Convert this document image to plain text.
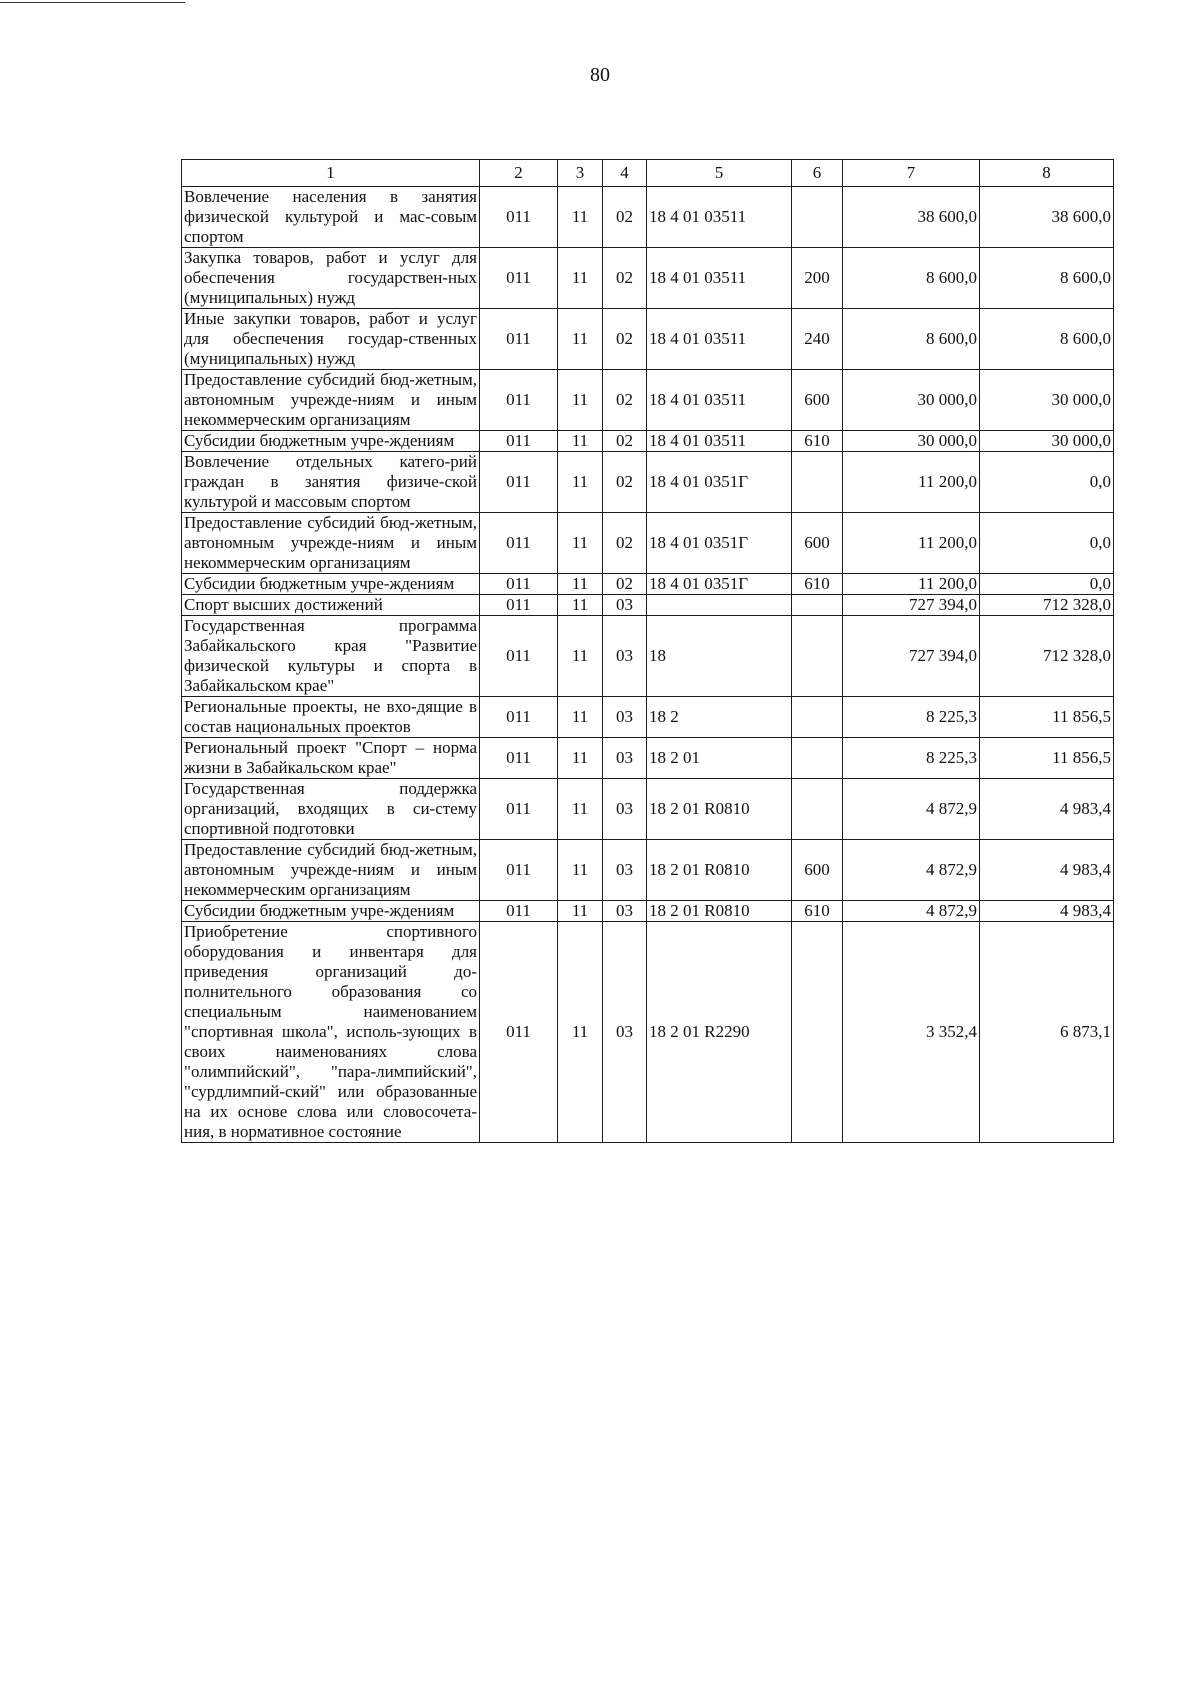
80
1	2	3	4	5	6	7	8
Вовлечение населения в занятия физической культурой и мас-совым спортом	011	11	02	18 4 01 03511		38 600,0	38 600,0
Закупка товаров, работ и услуг для обеспечения государствен-ных (муниципальных) нужд	011	11	02	18 4 01 03511	200	8 600,0	8 600,0
Иные закупки товаров, работ и услуг для обеспечения государ-ственных (муниципальных) нужд	011	11	02	18 4 01 03511	240	8 600,0	8 600,0
Предоставление субсидий бюд-жетным, автономным учрежде-ниям и иным некоммерческим организациям	011	11	02	18 4 01 03511	600	30 000,0	30 000,0
Субсидии бюджетным учре-ждениям	011	11	02	18 4 01 03511	610	30 000,0	30 000,0
Вовлечение отдельных катего-рий граждан в занятия физиче-ской культурой и массовым спортом	011	11	02	18 4 01 0351Г		11 200,0	0,0
Предоставление субсидий бюд-жетным, автономным учрежде-ниям и иным некоммерческим организациям	011	11	02	18 4 01 0351Г	600	11 200,0	0,0
Субсидии бюджетным учре-ждениям	011	11	02	18 4 01 0351Г	610	11 200,0	0,0
Спорт высших достижений	011	11	03			727 394,0	712 328,0
Государственная программа Забайкальского края "Развитие физической культуры и спорта в Забайкальском крае"	011	11	03	18		727 394,0	712 328,0
Региональные проекты, не вхо-дящие в состав национальных проектов	011	11	03	18 2		8 225,3	11 856,5
Региональный проект "Спорт – норма жизни в Забайкальском крае"	011	11	03	18 2 01		8 225,3	11 856,5
Государственная поддержка организаций, входящих в си-стему спортивной подготовки	011	11	03	18 2 01 R0810		4 872,9	4 983,4
Предоставление субсидий бюд-жетным, автономным учрежде-ниям и иным некоммерческим организациям	011	11	03	18 2 01 R0810	600	4 872,9	4 983,4
Субсидии бюджетным учре-ждениям	011	11	03	18 2 01 R0810	610	4 872,9	4 983,4
Приобретение спортивного оборудования и инвентаря для приведения организаций до-полнительного образования со специальным наименованием "спортивная школа", исполь-зующих в своих наименованиях слова "олимпийский", "пара-лимпийский", "сурдлимпий-ский" или образованные на их основе слова или словосочета-ния, в нормативное состояние	011	11	03	18 2 01 R2290		3 352,4	6 873,1
